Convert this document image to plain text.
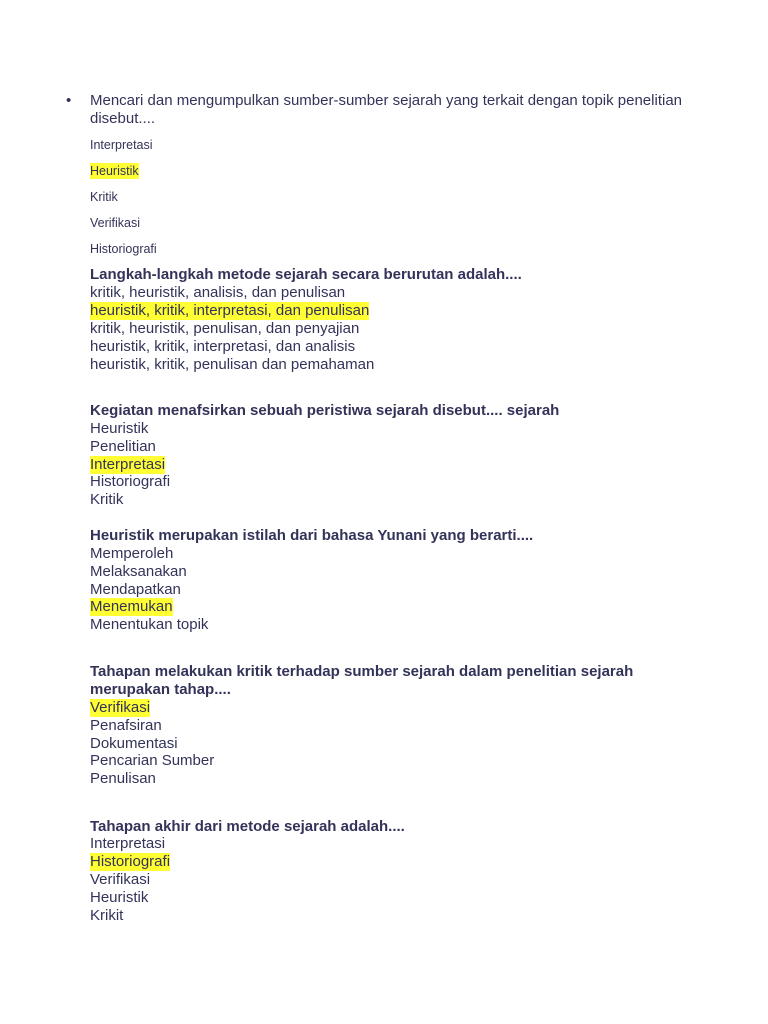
• Mencari dan mengumpulkan sumber-sumber sejarah yang terkait dengan topik penelitian disebut....
Interpretasi
Heuristik
Kritik
Verifikasi
Historiografi
Langkah-langkah metode sejarah secara berurutan adalah....
kritik, heuristik, analisis, dan penulisan
heuristik, kritik, interpretasi, dan penulisan
kritik, heuristik, penulisan, dan penyajian
heuristik, kritik, interpretasi, dan analisis
heuristik, kritik, penulisan dan pemahaman
Kegiatan menafsirkan sebuah peristiwa sejarah disebut.... sejarah
Heuristik
Penelitian
Interpretasi
Historiografi
Kritik
Heuristik merupakan istilah dari bahasa Yunani yang berarti....
Memperoleh
Melaksanakan
Mendapatkan
Menemukan
Menentukan topik
Tahapan melakukan kritik terhadap sumber sejarah dalam penelitian sejarah
merupakan tahap....
Verifikasi
Penafsiran
Dokumentasi
Pencarian Sumber
Penulisan
Tahapan akhir dari metode sejarah adalah....
Interpretasi
Historiografi
Verifikasi
Heuristik
Krikit
